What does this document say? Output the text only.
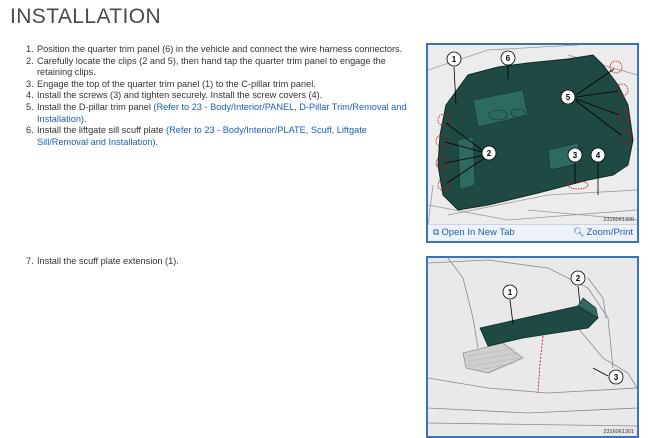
INSTALLATION
1. Position the quarter trim panel (6) in the vehicle and connect the wire harness connectors.
2. Carefully locate the clips (2 and 5), then hand tap the quarter trim panel to engage the retaining clips.
3. Engage the top of the quarter trim panel (1) to the C-pillar trim panel.
4. Install the screws (3) and tighten securely. Install the screw covers (4).
5. Install the D-pillar trim panel (Refer to 23 - Body/Interior/PANEL, D-Pillar Trim/Removal and Installation).
6. Install the liftgate sill scuff plate (Refer to 23 - Body/Interior/PLATE, Scuff, Liftgate Sill/Removal and Installation).
7. Install the scuff plate extension (1).
1	6
5
2	3 4
2316061300
⧉ Open In New Tab	🔍︎ Zoom/Print
1
2
3
2316061301
